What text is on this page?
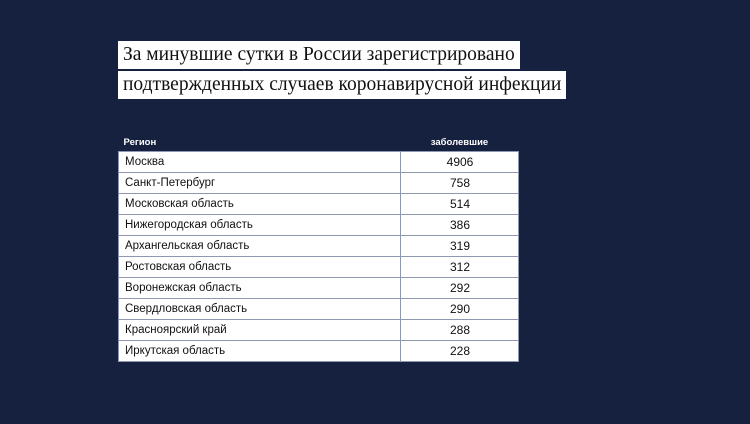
За минувшие сутки в России зарегистрировано
подтвержденных случаев коронавирусной инфекции
Регион	заболевшие
Москва	4906
Санкт-Петербург	758
Московская область	514
Нижегородская область	386
Архангельская область	319
Ростовская область	312
Воронежская область	292
Свердловская область	290
Красноярский край	288
Иркутская область	228
